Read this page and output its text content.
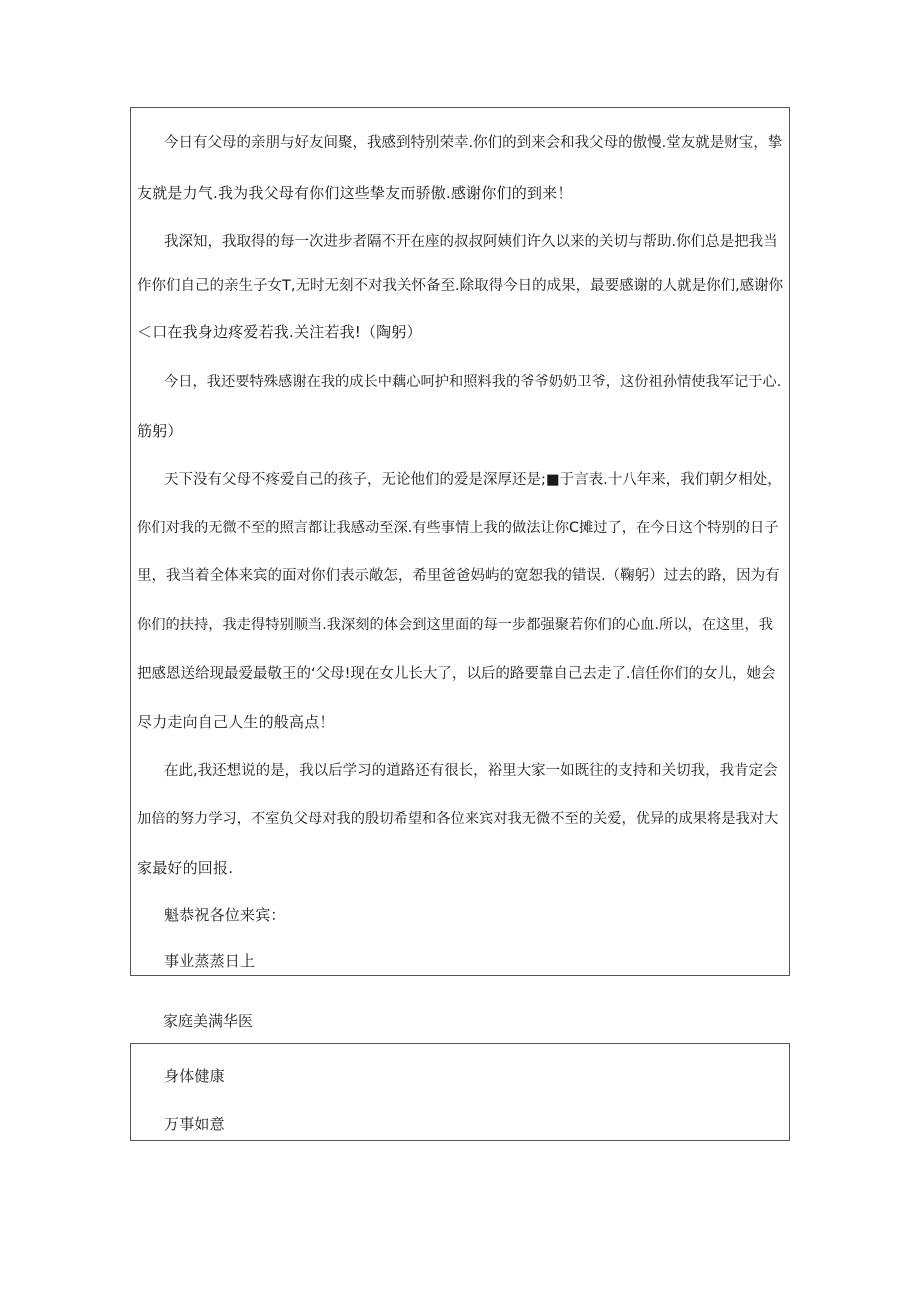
今日有父母的亲朋与好友间聚，我感到特别荣幸.你们的到来会和我父母的傲慢.堂友就是财宝，挚
友就是力气.我为我父母有你们这些挚友而骄傲.感谢你们的到来！
我深知，我取得的每一次进步者隔不开在座的叔叔阿姨们许久以来的关切与帮助.你们总是把我当
作你们自己的亲生子女T,无时无刻不对我关怀备至.除取得今日的成果，最要感谢的人就是你们,感谢你
＜口在我身边疼爱若我.关注若我!（陶躬）
今日，我还要特殊感谢在我的成长中藕心呵护和照料我的爷爷奶奶卫爷，这份祖孙情使我军记于心.
筋躬）
天下没有父母不疼爱自己的孩子，无论他们的爱是深厚还是;■于言表.十八年来，我们朝夕相处，
你们对我的无微不至的照言都让我感动至深.有些事情上我的做法让你C摊过了，在今日这个特别的日子
里，我当着全体来宾的面对你们表示敞怎，希里爸爸妈屿的宽恕我的错误.（鞠躬）过去的路，因为有
你们的扶持，我走得特别顺当.我深刻的体会到这里面的每一步都强聚若你们的心血.所以，在这里，我
把感恩送给现最爱最敬王的‘父母!现在女儿长大了，以后的路要靠自己去走了.信任你们的女儿，她会
尽力走向自己人生的般高点！
在此,我还想说的是，我以后学习的道路还有很长，裕里大家一如既往的支持和关切我，我肯定会
加倍的努力学习，不室负父母对我的殷切希望和各位来宾对我无微不至的关爱，优异的成果将是我对大
家最好的回报.
魁恭祝各位来宾：
事业蒸蒸日上
家庭美满华医
身体健康
万事如意
